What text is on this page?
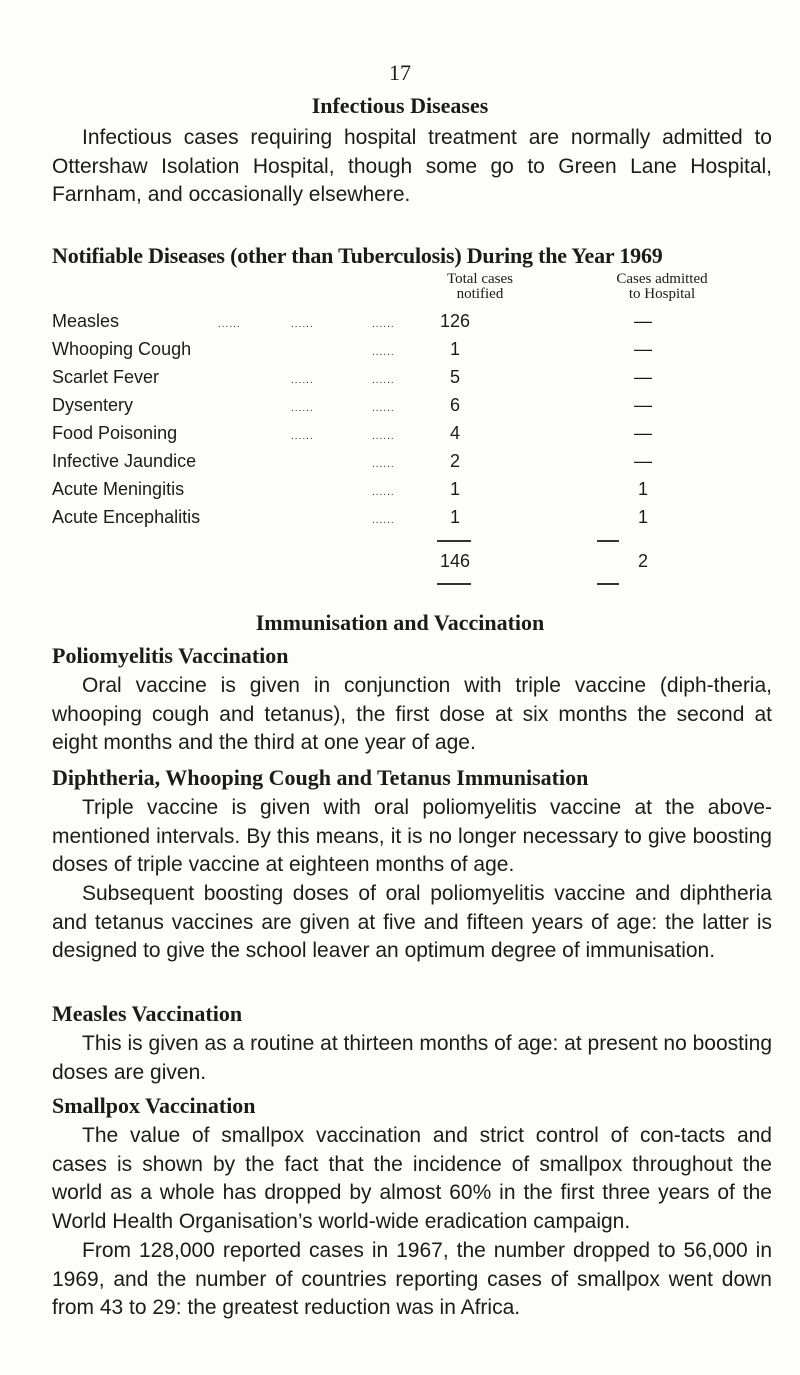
17
Infectious Diseases

Infectious cases requiring hospital treatment are normally admitted to Ottershaw Isolation Hospital, though some go to Green Lane Hospital, Farnham, and occasionally elsewhere.

Notifiable Diseases (other than Tuberculosis) During the Year 1969
Total cases
notified
Cases admitted
to Hospital
Measles	......	......	......	126	—
Whooping Cough	......	1	—
Scarlet Fever	......	......	5	—
Dysentery	......	......	6	—
Food Poisoning	......	......	4	—
Infective Jaundice	......	2	—
Acute Meningitis	......	1	1
Acute Encephalitis	......	1	1
146	2
Immunisation and Vaccination
Poliomyelitis Vaccination

Oral vaccine is given in conjunction with triple vaccine (diph-theria, whooping cough and tetanus), the first dose at six months the second at eight months and the third at one year of age.

Diphtheria, Whooping Cough and Tetanus Immunisation

Triple vaccine is given with oral poliomyelitis vaccine at the above-mentioned intervals. By this means, it is no longer necessary to give boosting doses of triple vaccine at eighteen months of age.

Subsequent boosting doses of oral poliomyelitis vaccine and diphtheria and tetanus vaccines are given at five and fifteen years of age: the latter is designed to give the school leaver an optimum degree of immunisation.

Measles Vaccination

This is given as a routine at thirteen months of age: at present no boosting doses are given.

Smallpox Vaccination

The value of smallpox vaccination and strict control of con-tacts and cases is shown by the fact that the incidence of smallpox throughout the world as a whole has dropped by almost 60% in the first three years of the World Health Organisation’s world-wide eradication campaign.

From 128,000 reported cases in 1967, the number dropped to 56,000 in 1969, and the number of countries reporting cases of smallpox went down from 43 to 29: the greatest reduction was in Africa.
